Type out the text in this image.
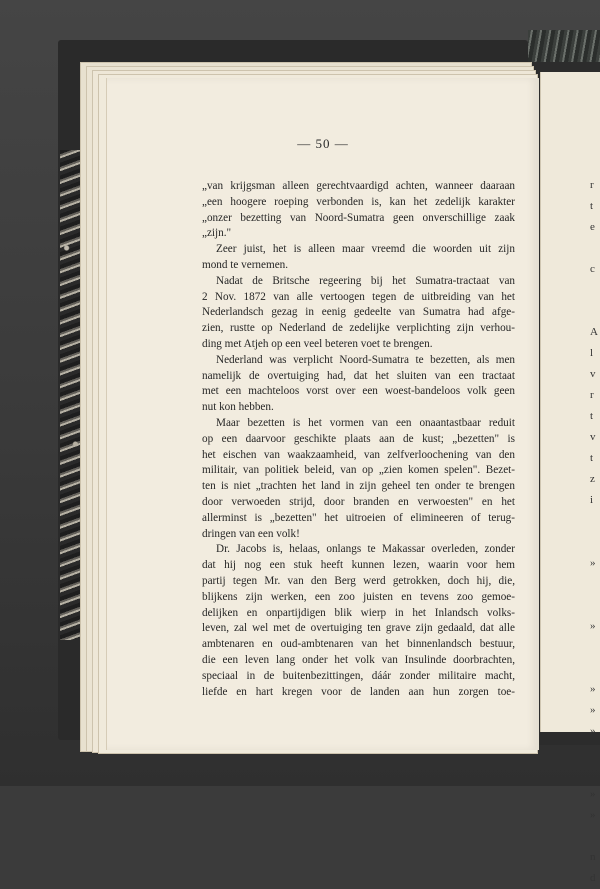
r
t
e
c
A
l
v
r
t
v
t
z
i
»
»
»
»
»
»
»
n
d
— 50 —
„van krijgsman alleen gerechtvaardigd achten, wanneer daaraan
„een hoogere roeping verbonden is, kan het zedelijk karakter
„onzer bezetting van Noord-Sumatra geen onverschillige zaak
„zijn."
Zeer juist, het is alleen maar vreemd die woorden uit zijn
mond te vernemen.
Nadat de Britsche regeering bij het Sumatra-tractaat van
2 Nov. 1872 van alle vertoogen tegen de uitbreiding van het
Nederlandsch gezag in eenig gedeelte van Sumatra had afge-
zien, rustte op Nederland de zedelijke verplichting zijn verhou-
ding met Atjeh op een veel beteren voet te brengen.
Nederland was verplicht Noord-Sumatra te bezetten, als men
namelijk de overtuiging had, dat het sluiten van een tractaat
met een machteloos vorst over een woest-bandeloos volk geen
nut kon hebben.
Maar bezetten is het vormen van een onaantastbaar reduit
op een daarvoor geschikte plaats aan de kust; „bezetten" is
het eischen van waakzaamheid, van zelfverloochening van den
militair, van politiek beleid, van op „zien komen spelen". Bezet-
ten is niet „trachten het land in zijn geheel ten onder te brengen
door verwoeden strijd, door branden en verwoesten" en het
allerminst is „bezetten" het uitroeien of elimineeren of terug-
dringen van een volk!
Dr. Jacobs is, helaas, onlangs te Makassar overleden, zonder
dat hij nog een stuk heeft kunnen lezen, waarin voor hem
partij tegen Mr. van den Berg werd getrokken, doch hij, die,
blijkens zijn werken, een zoo juisten en tevens zoo gemoe-
delijken en onpartijdigen blik wierp in het Inlandsch volks-
leven, zal wel met de overtuiging ten grave zijn gedaald, dat alle
ambtenaren en oud-ambtenaren van het binnenlandsch bestuur,
die een leven lang onder het volk van Insulinde doorbrachten,
speciaal in de buitenbezittingen, dáár zonder militaire macht,
liefde en hart kregen voor de landen aan hun zorgen toe-
